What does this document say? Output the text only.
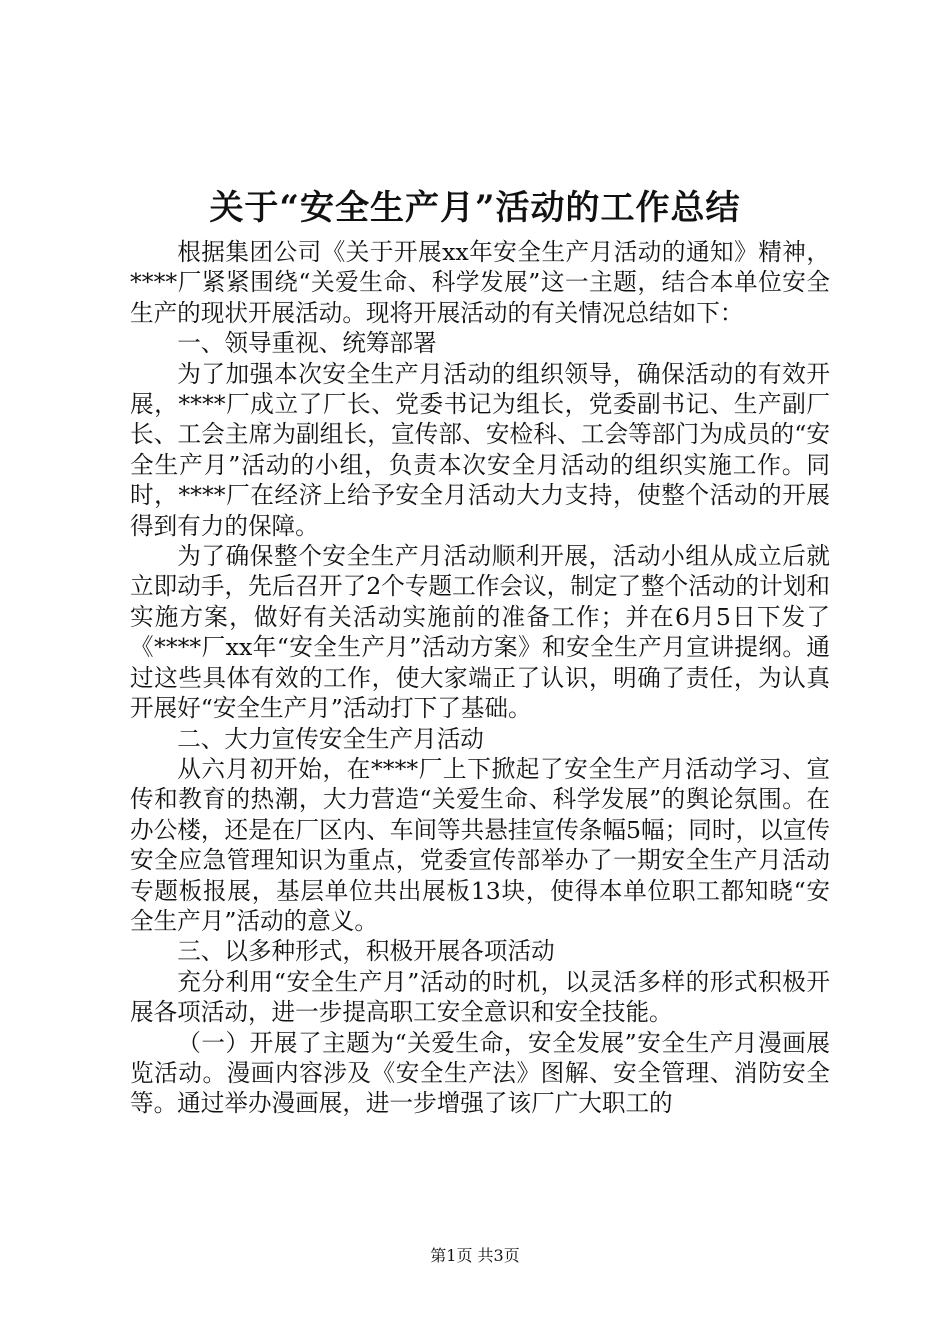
关于“安全生产月”活动的工作总结

根据集团公司《关于开展xx年安全生产月活动的通知》精神，****厂紧紧围绕“关爱生命、科学发展”这一主题，结合本单位安全生产的现状开展活动。现将开展活动的有关情况总结如下：

一、领导重视、统筹部署

为了加强本次安全生产月活动的组织领导，确保活动的有效开展，****厂成立了厂长、党委书记为组长，党委副书记、生产副厂长、工会主席为副组长，宣传部、安检科、工会等部门为成员的“安全生产月”活动的小组，负责本次安全月活动的组织实施工作。同时，****厂在经济上给予安全月活动大力支持，使整个活动的开展得到有力的保障。

为了确保整个安全生产月活动顺利开展，活动小组从成立后就立即动手，先后召开了2个专题工作会议，制定了整个活动的计划和实施方案，做好有关活动实施前的准备工作；并在6月5日下发了《****厂xx年“安全生产月”活动方案》和安全生产月宣讲提纲。通过这些具体有效的工作，使大家端正了认识，明确了责任，为认真开展好“安全生产月”活动打下了基础。

二、大力宣传安全生产月活动

从六月初开始，在****厂上下掀起了安全生产月活动学习、宣传和教育的热潮，大力营造“关爱生命、科学发展”的舆论氛围。在办公楼，还是在厂区内、车间等共悬挂宣传条幅5幅；同时，以宣传安全应急管理知识为重点，党委宣传部举办了一期安全生产月活动专题板报展，基层单位共出展板13块，使得本单位职工都知晓“安全生产月”活动的意义。

三、以多种形式，积极开展各项活动

充分利用“安全生产月”活动的时机，以灵活多样的形式积极开展各项活动，进一步提高职工安全意识和安全技能。

（一）开展了主题为“关爱生命，安全发展”安全生产月漫画展览活动。漫画内容涉及《安全生产法》图解、安全管理、消防安全等。通过举办漫画展，进一步增强了该厂广大职工的

第1页 共3页
